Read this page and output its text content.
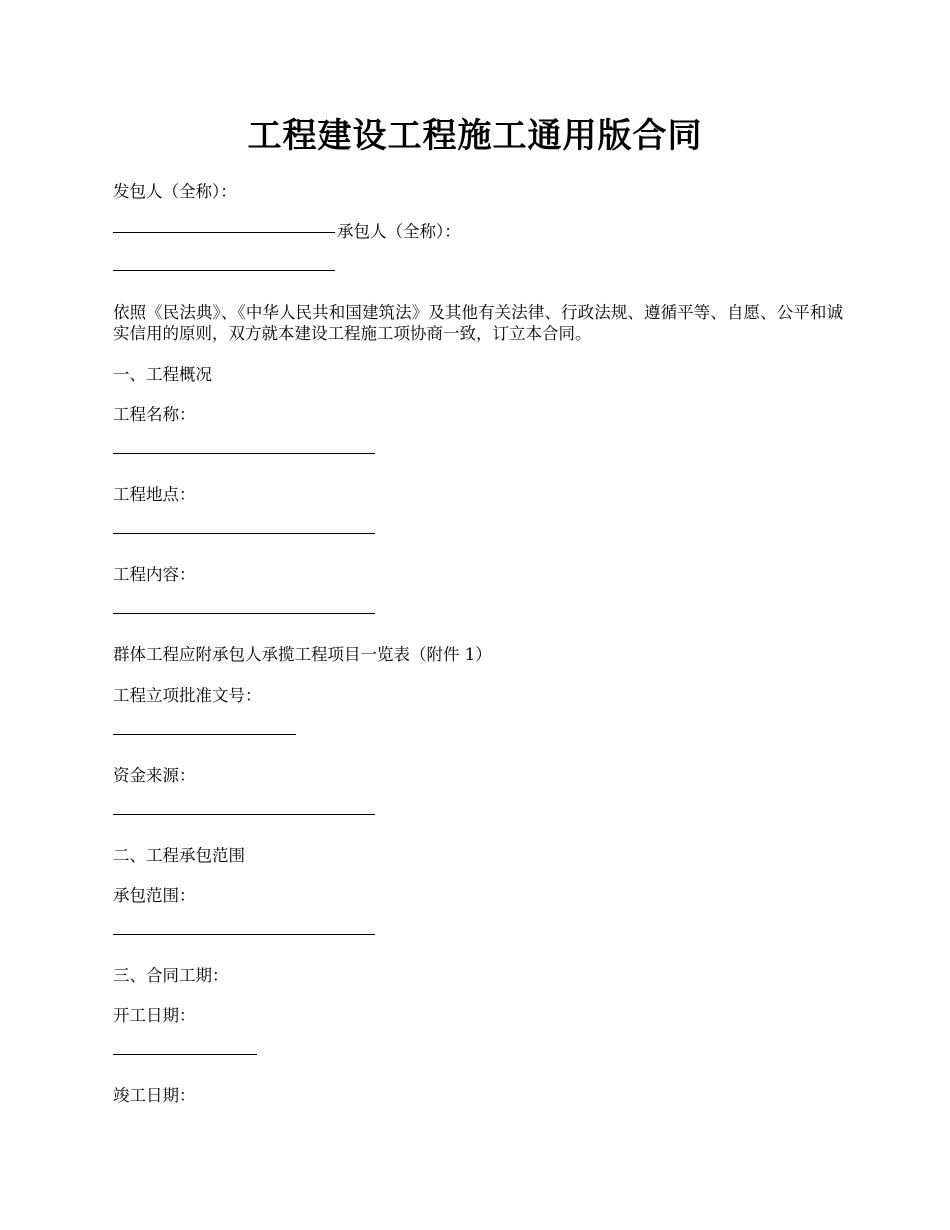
工程建设工程施工通用版合同
发包人（全称）：
承包人（全称）：
依照《民法典》、《中华人民共和国建筑法》及其他有关法律、行政法规、遵循平等、自愿、公平和诚实信用的原则，双方就本建设工程施工项协商一致，订立本合同。
一、工程概况
工程名称：
工程地点：
工程内容：
群体工程应附承包人承揽工程项目一览表（附件 1）
工程立项批准文号：
资金来源：
二、工程承包范围
承包范围：
三、合同工期：
开工日期：
竣工日期：
